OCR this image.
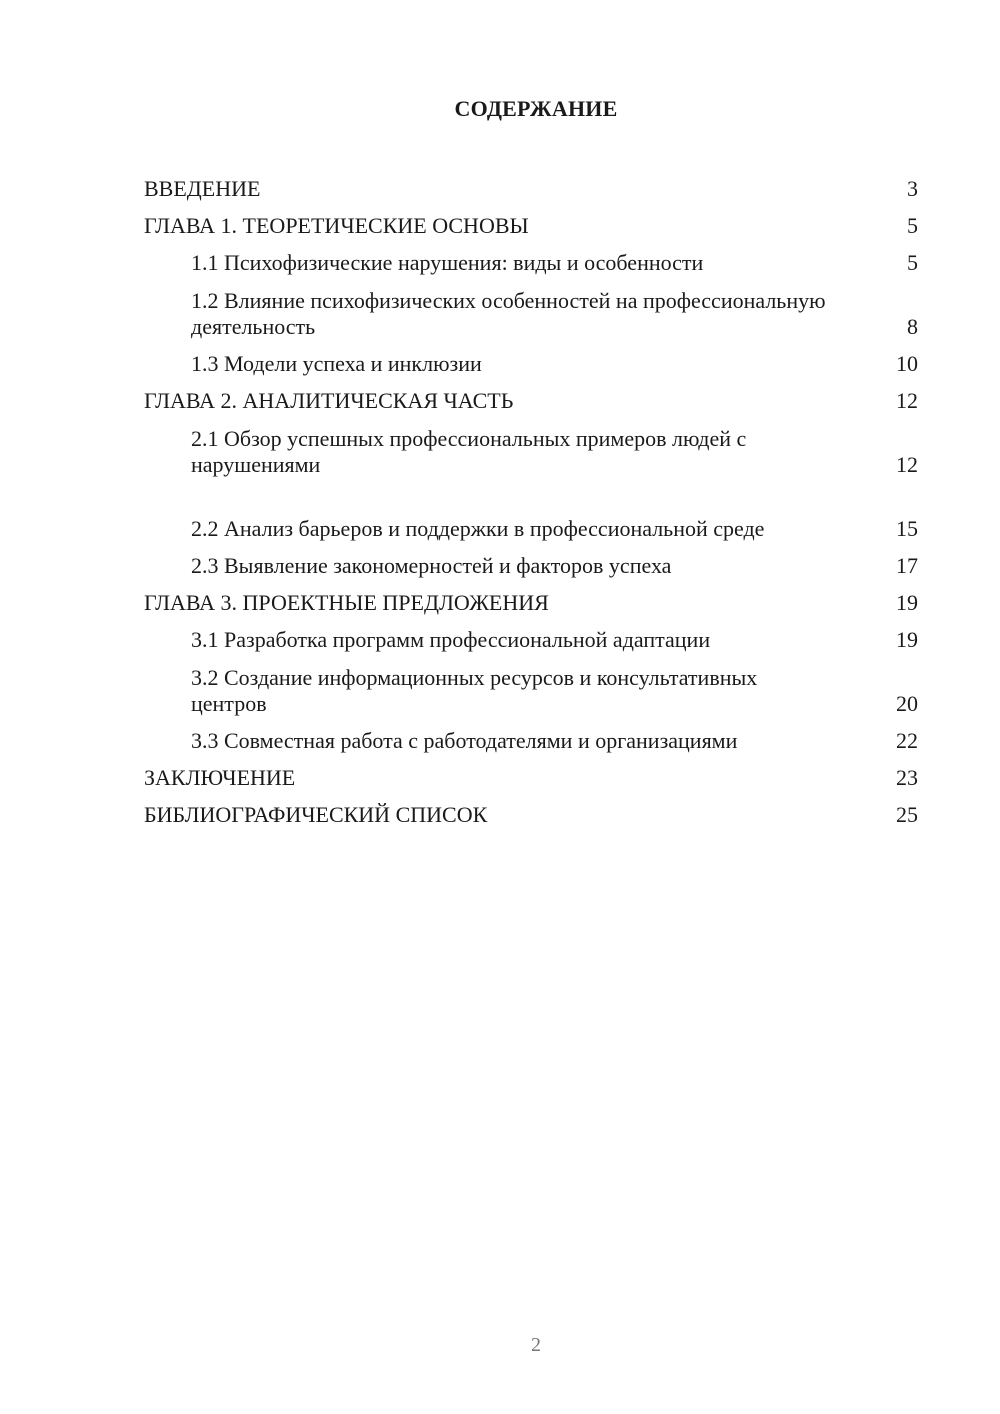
СОДЕРЖАНИЕ
ВВЕДЕНИЕ	3
ГЛАВА 1. ТЕОРЕТИЧЕСКИЕ ОСНОВЫ	5
1.1 Психофизические нарушения: виды и особенности	5
1.2 Влияние психофизических особенностей на профессиональную деятельность	8
1.3 Модели успеха и инклюзии	10
ГЛАВА 2. АНАЛИТИЧЕСКАЯ ЧАСТЬ	12
2.1 Обзор успешных профессиональных примеров людей с нарушениями	12
2.2 Анализ барьеров и поддержки в профессиональной среде	15
2.3 Выявление закономерностей и факторов успеха	17
ГЛАВА 3. ПРОЕКТНЫЕ ПРЕДЛОЖЕНИЯ	19
3.1 Разработка программ профессиональной адаптации	19
3.2 Создание информационных ресурсов и консультативных центров	20
3.3 Совместная работа с работодателями и организациями	22
ЗАКЛЮЧЕНИЕ	23
БИБЛИОГРАФИЧЕСКИЙ СПИСОК	25
2
